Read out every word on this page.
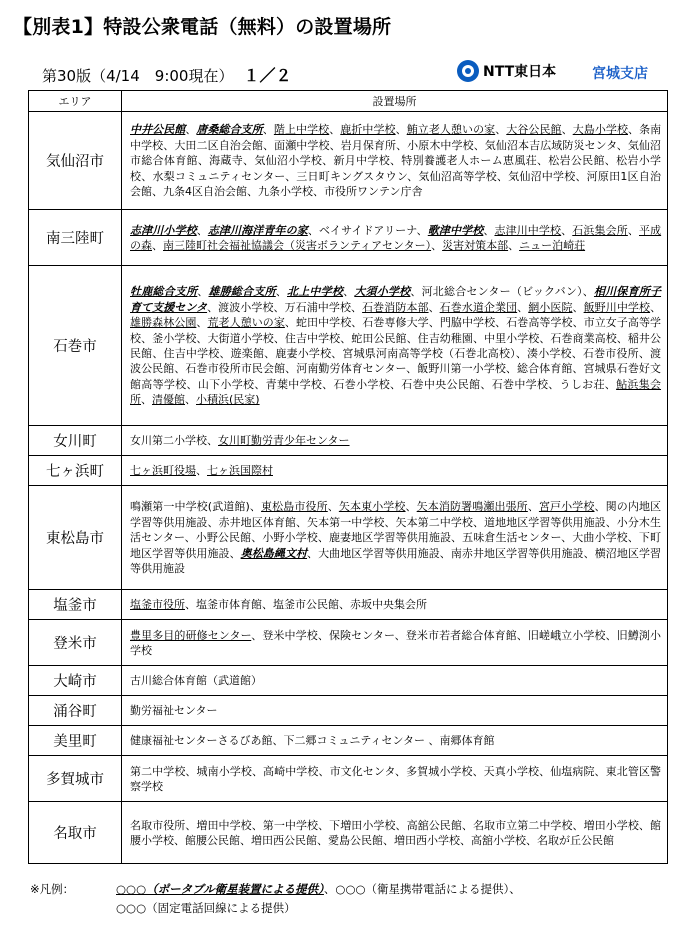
【別表1】特設公衆電話（無料）の設置場所
第30版（4/14　9:00現在） １／２	NTT東日本	宮城支店
エリア	設置場所
気仙沼市	中井公民館、唐桑総合支所、階上中学校、鹿折中学校、鮪立老人憩いの家、大谷公民館、大島小学校、条南中学校、大田二区自治会館、面瀬中学校、岩月保育所、小原木中学校、気仙沼本吉広域防災センタ、気仙沼市総合体育館、海蔵寺、気仙沼小学校、新月中学校、特別養護老人ホーム恵風荘、松岩公民館、松岩小学校、水梨コミュニティセンター、三日町キングスタウン、気仙沼高等学校、気仙沼中学校、河原田1区自治会館、九条4区自治会館、九条小学校、市役所ワンテン庁舎
南三陸町	志津川小学校、志津川海洋青年の家、ベイサイドアリーナ、歌津中学校、志津川中学校、石浜集会所、平成の森、南三陸町社会福祉協議会（災害ボランティアセンター）、災害対策本部、ニュー泊崎荘
石巻市	牡鹿総合支所、雄勝総合支所、北上中学校、大須小学校、河北総合センター（ビックバン）、相川保育所子育て支援センタ、渡波小学校、万石浦中学校、石巻消防本部、石巻水道企業団、網小医院、飯野川中学校、雄勝森林公園、荒老人憩いの家、蛇田中学校、石巻専修大学、門脇中学校、石巻高等学校、市立女子高等学校、釜小学校、大街道小学校、住吉中学校、蛇田公民館、住吉幼稚園、中里小学校、石巻商業高校、稲井公民館、住吉中学校、遊楽館、鹿妻小学校、宮城県河南高等学校（石巻北高校）、湊小学校、石巻市役所、渡波公民館、石巻市役所市民会館、河南勤労体育センター、飯野川第一小学校、総合体育館、宮城県石巻好文館高等学校、山下小学校、青葉中学校、石巻小学校、石巻中央公民館、石巻中学校、うしお荘、鮎浜集会所、清優館、小積浜(民家)
女川町	女川第二小学校、女川町勤労青少年センター
七ヶ浜町	七ヶ浜町役場、七ヶ浜国際村
東松島市	鳴瀬第一中学校(武道館)、東松島市役所、矢本東小学校、矢本消防署鳴瀬出張所、宮戸小学校、関の内地区学習等供用施設、赤井地区体育館、矢本第一中学校、矢本第二中学校、道地地区学習等供用施設、小分木生活センター、小野公民館、小野小学校、鹿妻地区学習等供用施設、五味倉生活センター、大曲小学校、下町地区学習等供用施設、奥松島縄文村、大曲地区学習等供用施設、南赤井地区学習等供用施設、横沼地区学習等供用施設
塩釜市	塩釜市役所、塩釜市体育館、塩釜市公民館、赤坂中央集会所
登米市	豊里多目的研修センター、登米中学校、保険センター、登米市若者総合体育館、旧嵯峨立小学校、旧鱒渕小学校
大崎市	古川総合体育館（武道館）
涌谷町	勤労福祉センター
美里町	健康福祉センターさるびあ館、下二郷コミュニティセンター 、南郷体育館
多賀城市	第二中学校、城南小学校、高崎中学校、市文化センタ、多賀城小学校、天真小学校、仙塩病院、東北管区警察学校
名取市	名取市役所、増田中学校、第一中学校、下増田小学校、高舘公民館、名取市立第二中学校、増田小学校、館腰小学校、館腰公民館、増田西公民館、愛島公民館、増田西小学校、高舘小学校、名取が丘公民館
※凡例：	○○○（ポータブル衛星装置による提供）、○○○（衛星携帯電話による提供）、
○○○（固定電話回線による提供）
